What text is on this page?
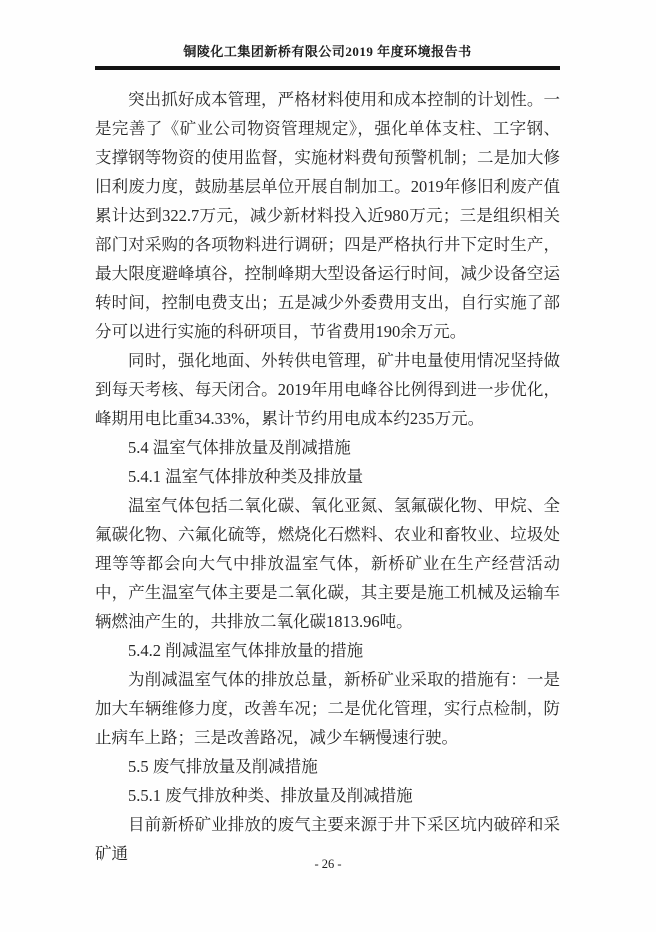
铜陵化工集团新桥有限公司2019 年度环境报告书

突出抓好成本管理，严格材料使用和成本控制的计划性。一是完善了《矿业公司物资管理规定》，强化单体支柱、工字钢、支撑钢等物资的使用监督，实施材料费旬预警机制；二是加大修旧利废力度，鼓励基层单位开展自制加工。2019年修旧利废产值累计达到322.7万元，减少新材料投入近980万元；三是组织相关部门对采购的各项物料进行调研；四是严格执行井下定时生产，最大限度避峰填谷，控制峰期大型设备运行时间，减少设备空运转时间，控制电费支出；五是减少外委费用支出，自行实施了部分可以进行实施的科研项目，节省费用190余万元。

同时，强化地面、外转供电管理，矿井电量使用情况坚持做到每天考核、每天闭合。2019年用电峰谷比例得到进一步优化，峰期用电比重34.33%，累计节约用电成本约235万元。

5.4 温室气体排放量及削减措施

5.4.1 温室气体排放种类及排放量

温室气体包括二氧化碳、氧化亚氮、氢氟碳化物、甲烷、全氟碳化物、六氟化硫等，燃烧化石燃料、农业和畜牧业、垃圾处理等等都会向大气中排放温室气体，新桥矿业在生产经营活动中，产生温室气体主要是二氧化碳，其主要是施工机械及运输车辆燃油产生的，共排放二氧化碳1813.96吨。

5.4.2 削减温室气体排放量的措施

为削减温室气体的排放总量，新桥矿业采取的措施有：一是加大车辆维修力度，改善车况；二是优化管理，实行点检制，防止病车上路；三是改善路况，减少车辆慢速行驶。

5.5 废气排放量及削减措施

5.5.1 废气排放种类、排放量及削减措施

目前新桥矿业排放的废气主要来源于井下采区坑内破碎和采矿通

- 26 -
